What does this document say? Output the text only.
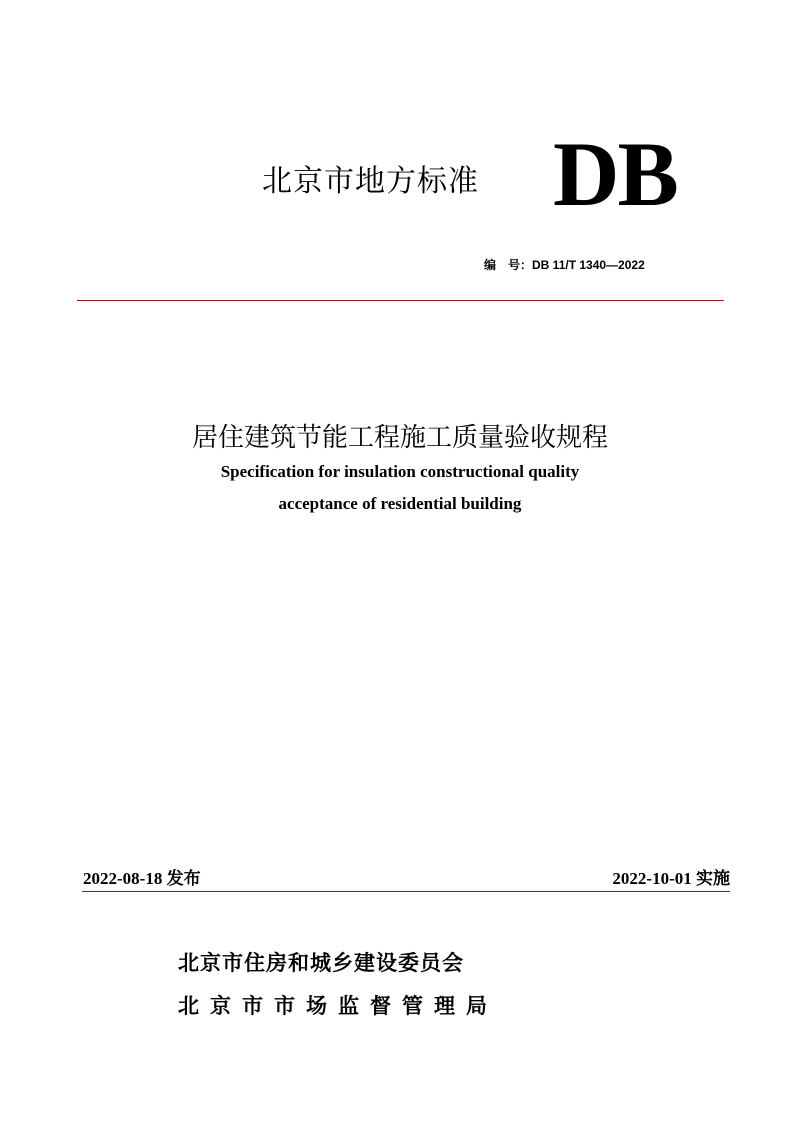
北京市地方标准 DB
编　号：DB 11/T 1340—2022
居住建筑节能工程施工质量验收规程
Specification for insulation constructional quality
acceptance of residential building
2022-08-18 发布	2022-10-01 实施
北京市住房和城乡建设委员会
北京市市场监督管理局
